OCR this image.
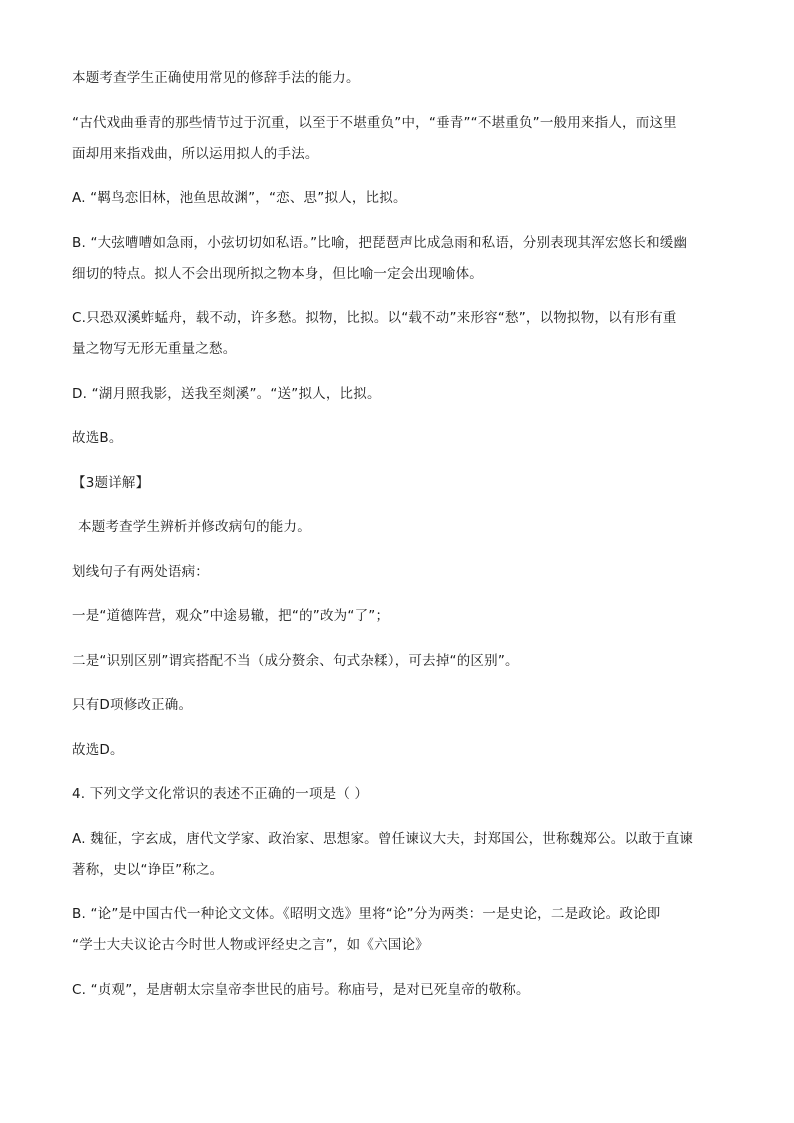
本题考查学生正确使用常见的修辞手法的能力。
“古代戏曲垂青的那些情节过于沉重，以至于不堪重负”中，“垂青”“不堪重负”一般用来指人，而这里
面却用来指戏曲，所以运用拟人的手法。
A. “羁鸟恋旧林，池鱼思故渊”，“恋、思”拟人，比拟。
B. “大弦嘈嘈如急雨，小弦切切如私语。”比喻，把琵琶声比成急雨和私语，分别表现其浑宏悠长和缓幽
细切的特点。拟人不会出现所拟之物本身，但比喻一定会出现喻体。
C.只恐双溪蚱蜢舟，载不动，许多愁。拟物，比拟。以“载不动”来形容“愁”，以物拟物，以有形有重
量之物写无形无重量之愁。
D. “湖月照我影，送我至剡溪”。“送”拟人，比拟。
故选B。
【3题详解】
本题考查学生辨析并修改病句的能力。
划线句子有两处语病：
一是“道德阵营，观众”中途易辙，把“的”改为“了”；
二是“识别区别”谓宾搭配不当（成分赘余、句式杂糅），可去掉“的区别”。
只有D项修改正确。
故选D。
4. 下列文学文化常识的表述不正确的一项是（ ）
A. 魏征，字玄成，唐代文学家、政治家、思想家。曾任谏议大夫，封郑国公，世称魏郑公。以敢于直谏
著称，史以“诤臣”称之。
B. “论”是中国古代一种论文文体。《昭明文选》里将“论”分为两类：一是史论，二是政论。政论即
“学士大夫议论古今时世人物或评经史之言”，如《六国论》
C. “贞观”，是唐朝太宗皇帝李世民的庙号。称庙号，是对已死皇帝的敬称。
